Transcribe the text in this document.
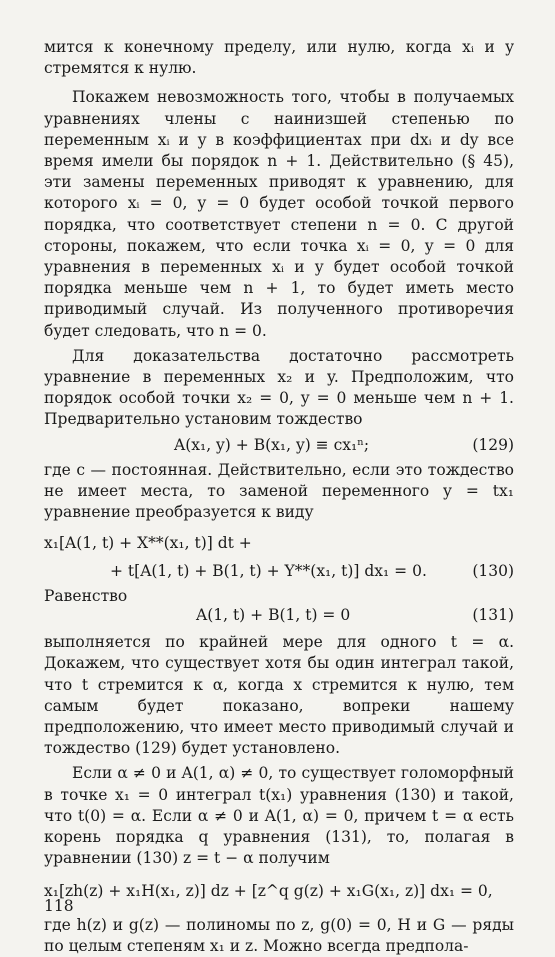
мится к конечному пределу, или нулю, когда xᵢ и y стремятся к нулю.

Покажем невозможность того, чтобы в получаемых уравнениях члены с наинизшей степенью по переменным xᵢ и y в коэффициентах при dxᵢ и dy все время имели бы порядок n + 1. Действительно (§ 45), эти замены переменных приводят к уравнению, для которого xᵢ = 0, y = 0 будет особой точкой первого порядка, что соответствует степени n = 0. С другой стороны, покажем, что если точка xᵢ = 0, y = 0 для уравнения в переменных xᵢ и y будет особой точкой порядка меньше чем n + 1, то будет иметь место приводимый случай. Из полученного противоречия будет следовать, что n = 0.

Для доказательства достаточно рассмотреть уравнение в переменных x₂ и y. Предположим, что порядок особой точки x₂ = 0, y = 0 меньше чем n + 1. Предварительно установим тождество

A(x₁, y) + B(x₁, y) ≡ cx₁ⁿ;	(129)

где c — постоянная. Действительно, если это тождество не имеет места, то заменой переменного y = tx₁ уравнение преобразуется к виду

x₁[A(1, t) + X**(x₁, t)] dt +
+ t[A(1, t) + B(1, t) + Y**(x₁, t)] dx₁ = 0.	(130)

Равенство

A(1, t) + B(1, t) = 0	(131)

выполняется по крайней мере для одного t = α. Докажем, что существует хотя бы один интеграл такой, что t стремится к α, когда x стремится к нулю, тем самым будет показано, вопреки нашему предположению, что имеет место приводимый случай и тождество (129) будет установлено.

Если α ≠ 0 и A(1, α) ≠ 0, то существует голоморфный в точке x₁ = 0 интеграл t(x₁) уравнения (130) и такой, что t(0) = α. Если α ≠ 0 и A(1, α) = 0, причем t = α есть корень порядка q уравнения (131), то, полагая в уравнении (130) z = t − α получим

x₁[zh(z) + x₁H(x₁, z)] dz + [z^q g(z) + x₁G(x₁, z)] dx₁ = 0,

где h(z) и g(z) — полиномы по z, g(0) = 0, H и G — ряды по целым степеням x₁ и z. Можно всегда предпола-

118
